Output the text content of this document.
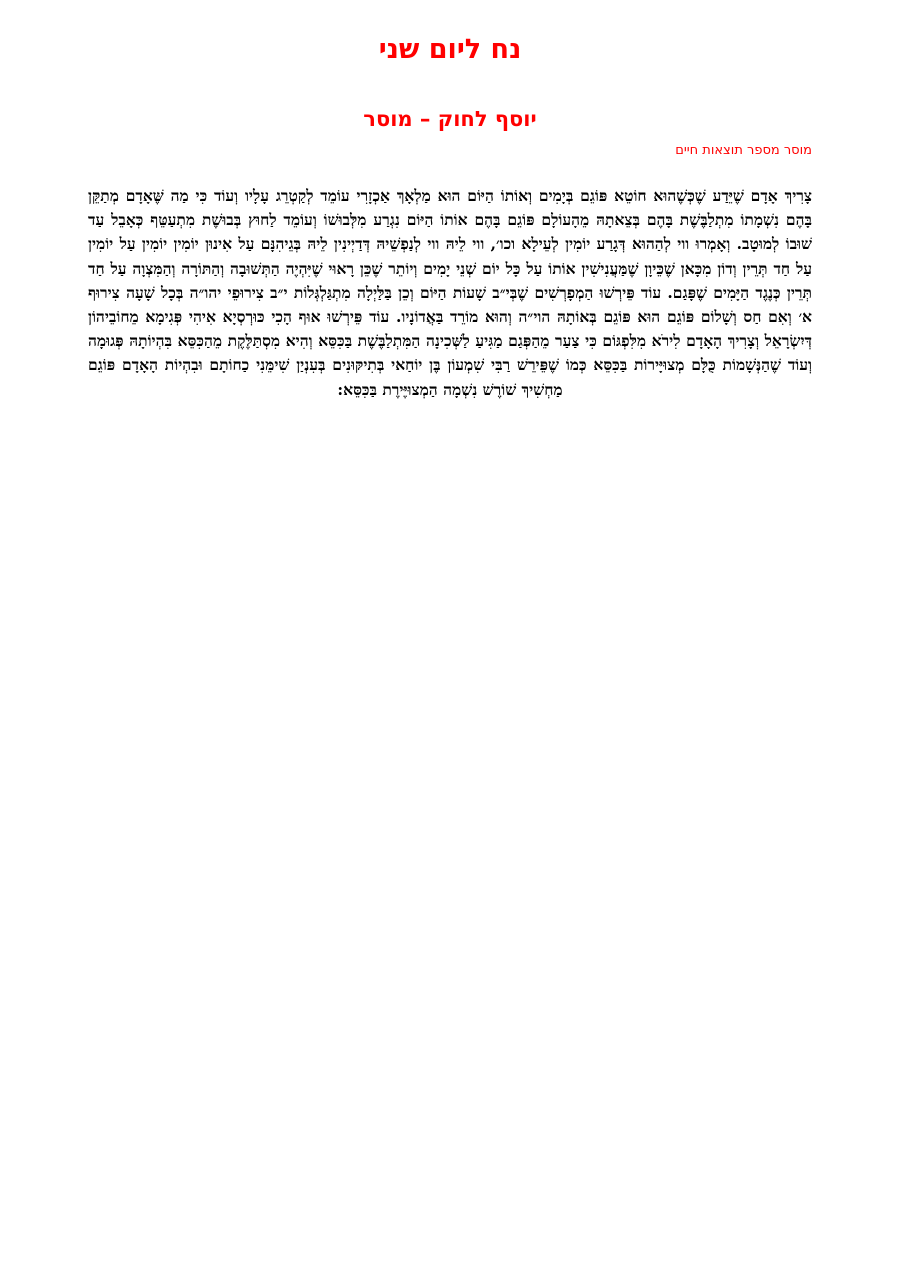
נח ליום שני
יוסף לחוק – מוסר
מוסר מספר תוצאות חיים

צָרִיךְ אָדָם שֶׁיֵּדַע שֶׁכְּשֶׁהוּא חוֹטֵא פּוֹגֵם בְּיָמִים וְאוֹתוֹ הַיּוֹם הוּא מַלְאָךְ אַכְזָרִי עוֹמֵד לְקַטְרֵג עָלָיו וְעוֹד כִּי מַה שֶּׁאָדָם מְתַקֵּן בָּהֶם נִשְׁמָתוֹ מִתְלַבֶּשֶׁת בָּהֶם בְּצֵאתָהּ מֵהָעוֹלָם פּוֹגֵם בָּהֶם אוֹתוֹ הַיּוֹם נִגְרַע מִלְּבוּשׁוֹ וְעוֹמֵד לַחוּץ בְּבוּשֶׁת מִתְעַטֵּף כְּאָבֵל עַד שׁוּבוֹ לְמוּטָב. וְאָמְרוּ ווי לְהַהוּא דְּגָרַע יוֹמִין לְעֵילָא וכו׳, ווי לֵיהּ ווי לְנַפְשֵׁיהּ דְּדַיְינִין לֵיהּ בְּגֵיהִנָּם עַל אִינוּן יוֹמִין יוֹמִין עַל יוֹמִין עַל חַד תְּרֵין וְדוֹן מִכָּאן שֶׁכֵּיוָן שֶׁמַּעֲנִישִׁין אוֹתוֹ עַל כָּל יוֹם שְׁנֵי יָמִים וְיוֹתֵר שֶׁכֵּן רָאוּי שֶׁיִּהְיֶה הַתְּשׁוּבָה וְהַתּוֹרָה וְהַמִּצְוָה עַל חַד תְּרֵין כְּנֶגֶד הַיָּמִים שֶׁפָּגַם. עוֹד פֵּירְשׁוּ הַמְפָרְשִׁים שֶׁבְּי״ב שָׁעוֹת הַיּוֹם וְכֵן בַּלַּיְלָה מִתְגַּלְגְּלוֹת י״ב צִירוּפֵי יהו״ה בְּכָל שָׁעָה צִירוּף א׳ וְאִם חַס וְשָׁלוֹם פּוֹגֵם הוּא פּוֹגֵם בְּאוֹתָהּ הוי״ה וְהוּא מוֹרֵד בַּאֲדוֹנָיו. עוֹד פֵּירְשׁוּ אוּף הָכִי כּוּרְסְיָא אִיהִי פְּגִימָא מֵחוֹבֵיהוֹן דְּיִשְׂרָאֵל וְצָרִיךְ הָאָדָם לִירֹא מִלִּפְגּוֹם כִּי צַעַר מֵהַפְּגַם מַגִּיעַ לַשְּׁכִינָה הַמִּתְלַבֶּשֶׁת בַּכִּסֵּא וְהִיא מִסְתַּלֶּקֶת מֵהַכִּסֵּא בִּהְיוֹתָהּ פְּגוּמָה וְעוֹד שֶׁהַנְּשָׁמוֹת כֻּלָּם מְצוּיָּירוֹת בַּכִּסֵּא כְּמוֹ שֶׁפֵּירֵשׁ רַבִּי שִׁמְעוֹן בֶּן יוֹחַאי בְּתִיקּוּנִים בְּעִנְיַן שִׁימֵּנִי כַחוֹתָם וּבִהְיוֹת הָאָדָם פּוֹגֵם מַחְשִׁיךְ שׁוֹרֶשׁ נִשְׁמָה הַמְצוּיֶּירֶת בַּכִּסֵּא:
